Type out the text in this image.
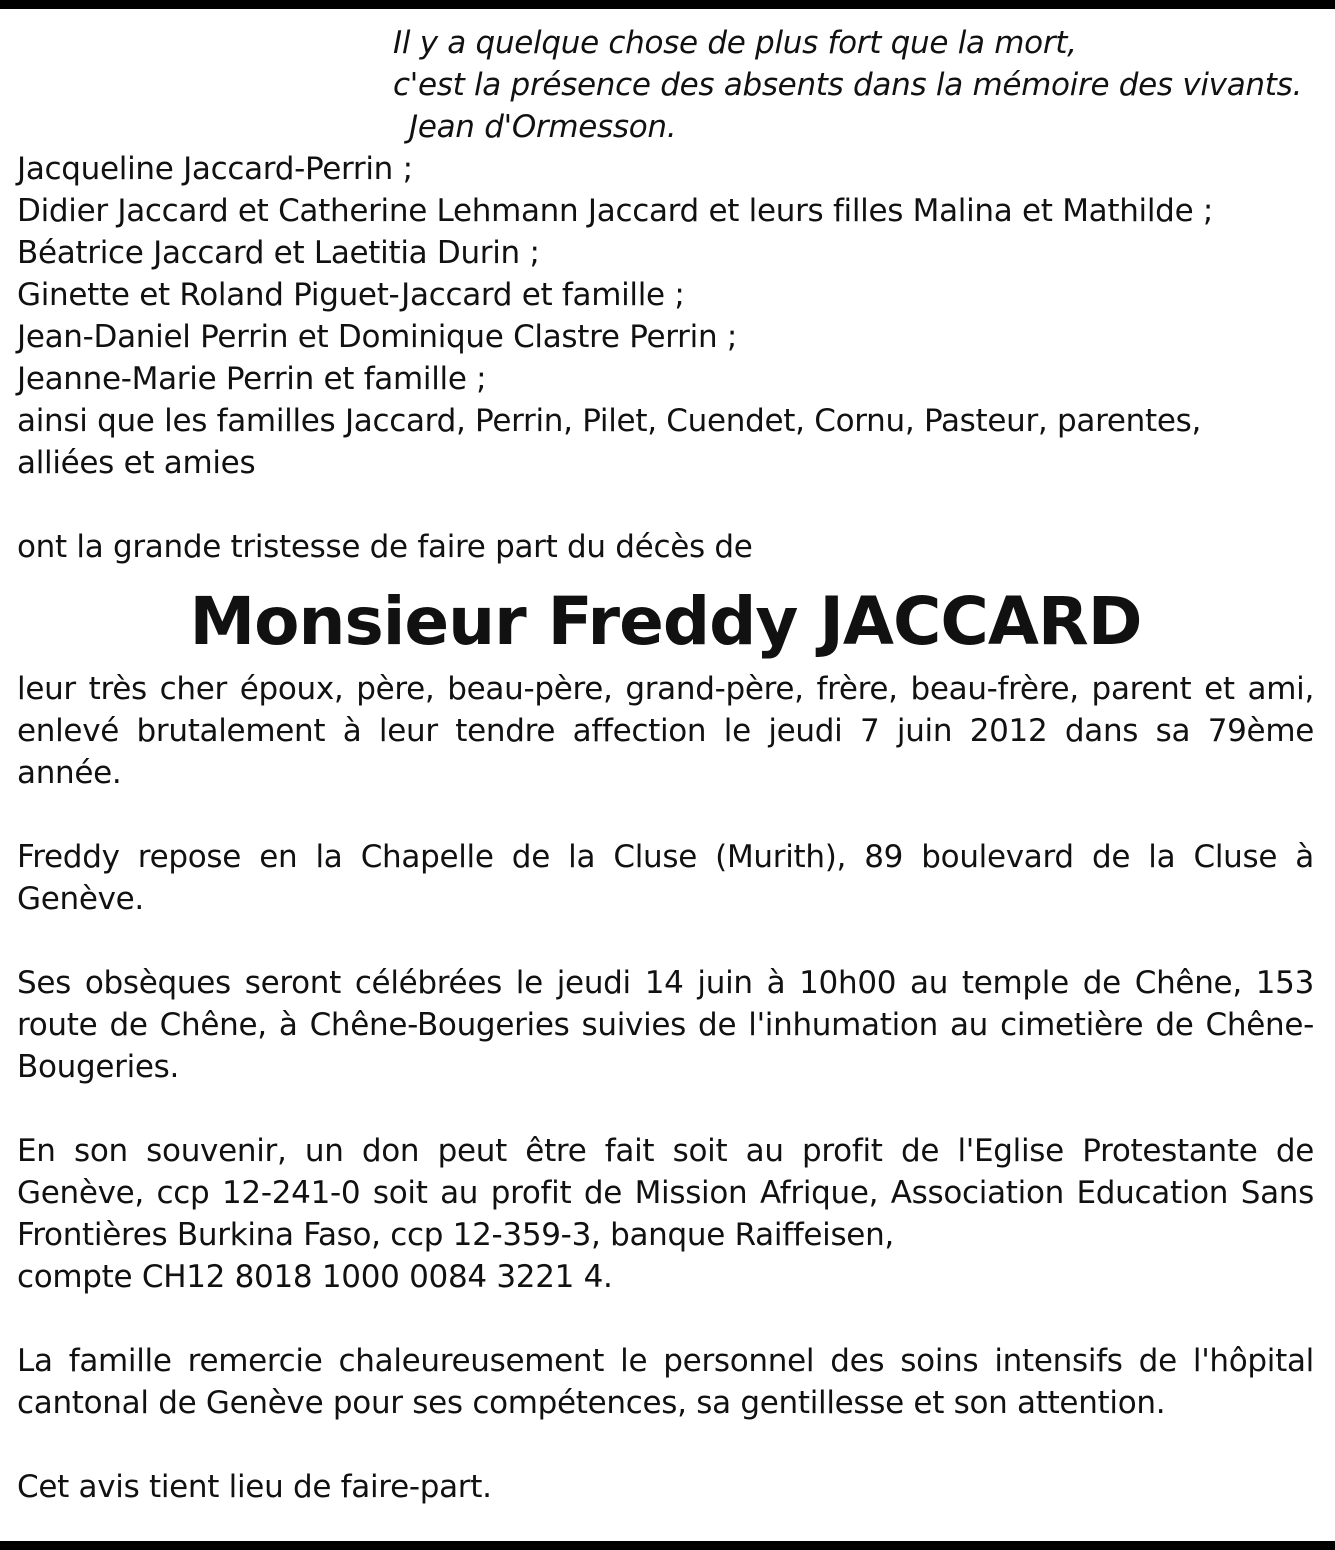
Il y a quelque chose de plus fort que la mort,
c'est la présence des absents dans la mémoire des vivants.
Jean d'Ormesson.
Jacqueline Jaccard-Perrin ;
Didier Jaccard et Catherine Lehmann Jaccard et leurs filles Malina et Mathilde ;
Béatrice Jaccard et Laetitia Durin ;
Ginette et Roland Piguet-Jaccard et famille ;
Jean-Daniel Perrin et Dominique Clastre Perrin ;
Jeanne-Marie Perrin et famille ;
ainsi que les familles Jaccard, Perrin, Pilet, Cuendet, Cornu, Pasteur, parentes,
alliées et amies
ont la grande tristesse de faire part du décès de
Monsieur Freddy JACCARD

leur très cher époux, père, beau-père, grand-père, frère, beau-frère, parent et ami, enlevé brutalement à leur tendre affection le jeudi 7 juin 2012 dans sa 79ème année.

Freddy repose en la Chapelle de la Cluse (Murith), 89 boulevard de la Cluse à Genève.

Ses obsèques seront célébrées le jeudi 14 juin à 10h00 au temple de Chêne, 153 route de Chêne, à Chêne-Bougeries suivies de l'inhumation au cimetière de Chêne-Bougeries.

En son souvenir, un don peut être fait soit au profit de l'Eglise Protestante de Genève, ccp 12-241-0 soit au profit de Mission Afrique, Association Education Sans Frontières Burkina Faso, ccp 12-359-3, banque Raiffeisen,
compte CH12 8018 1000 0084 3221 4.

La famille remercie chaleureusement le personnel des soins intensifs de l'hôpital cantonal de Genève pour ses compétences, sa gentillesse et son attention.

Cet avis tient lieu de faire-part.
